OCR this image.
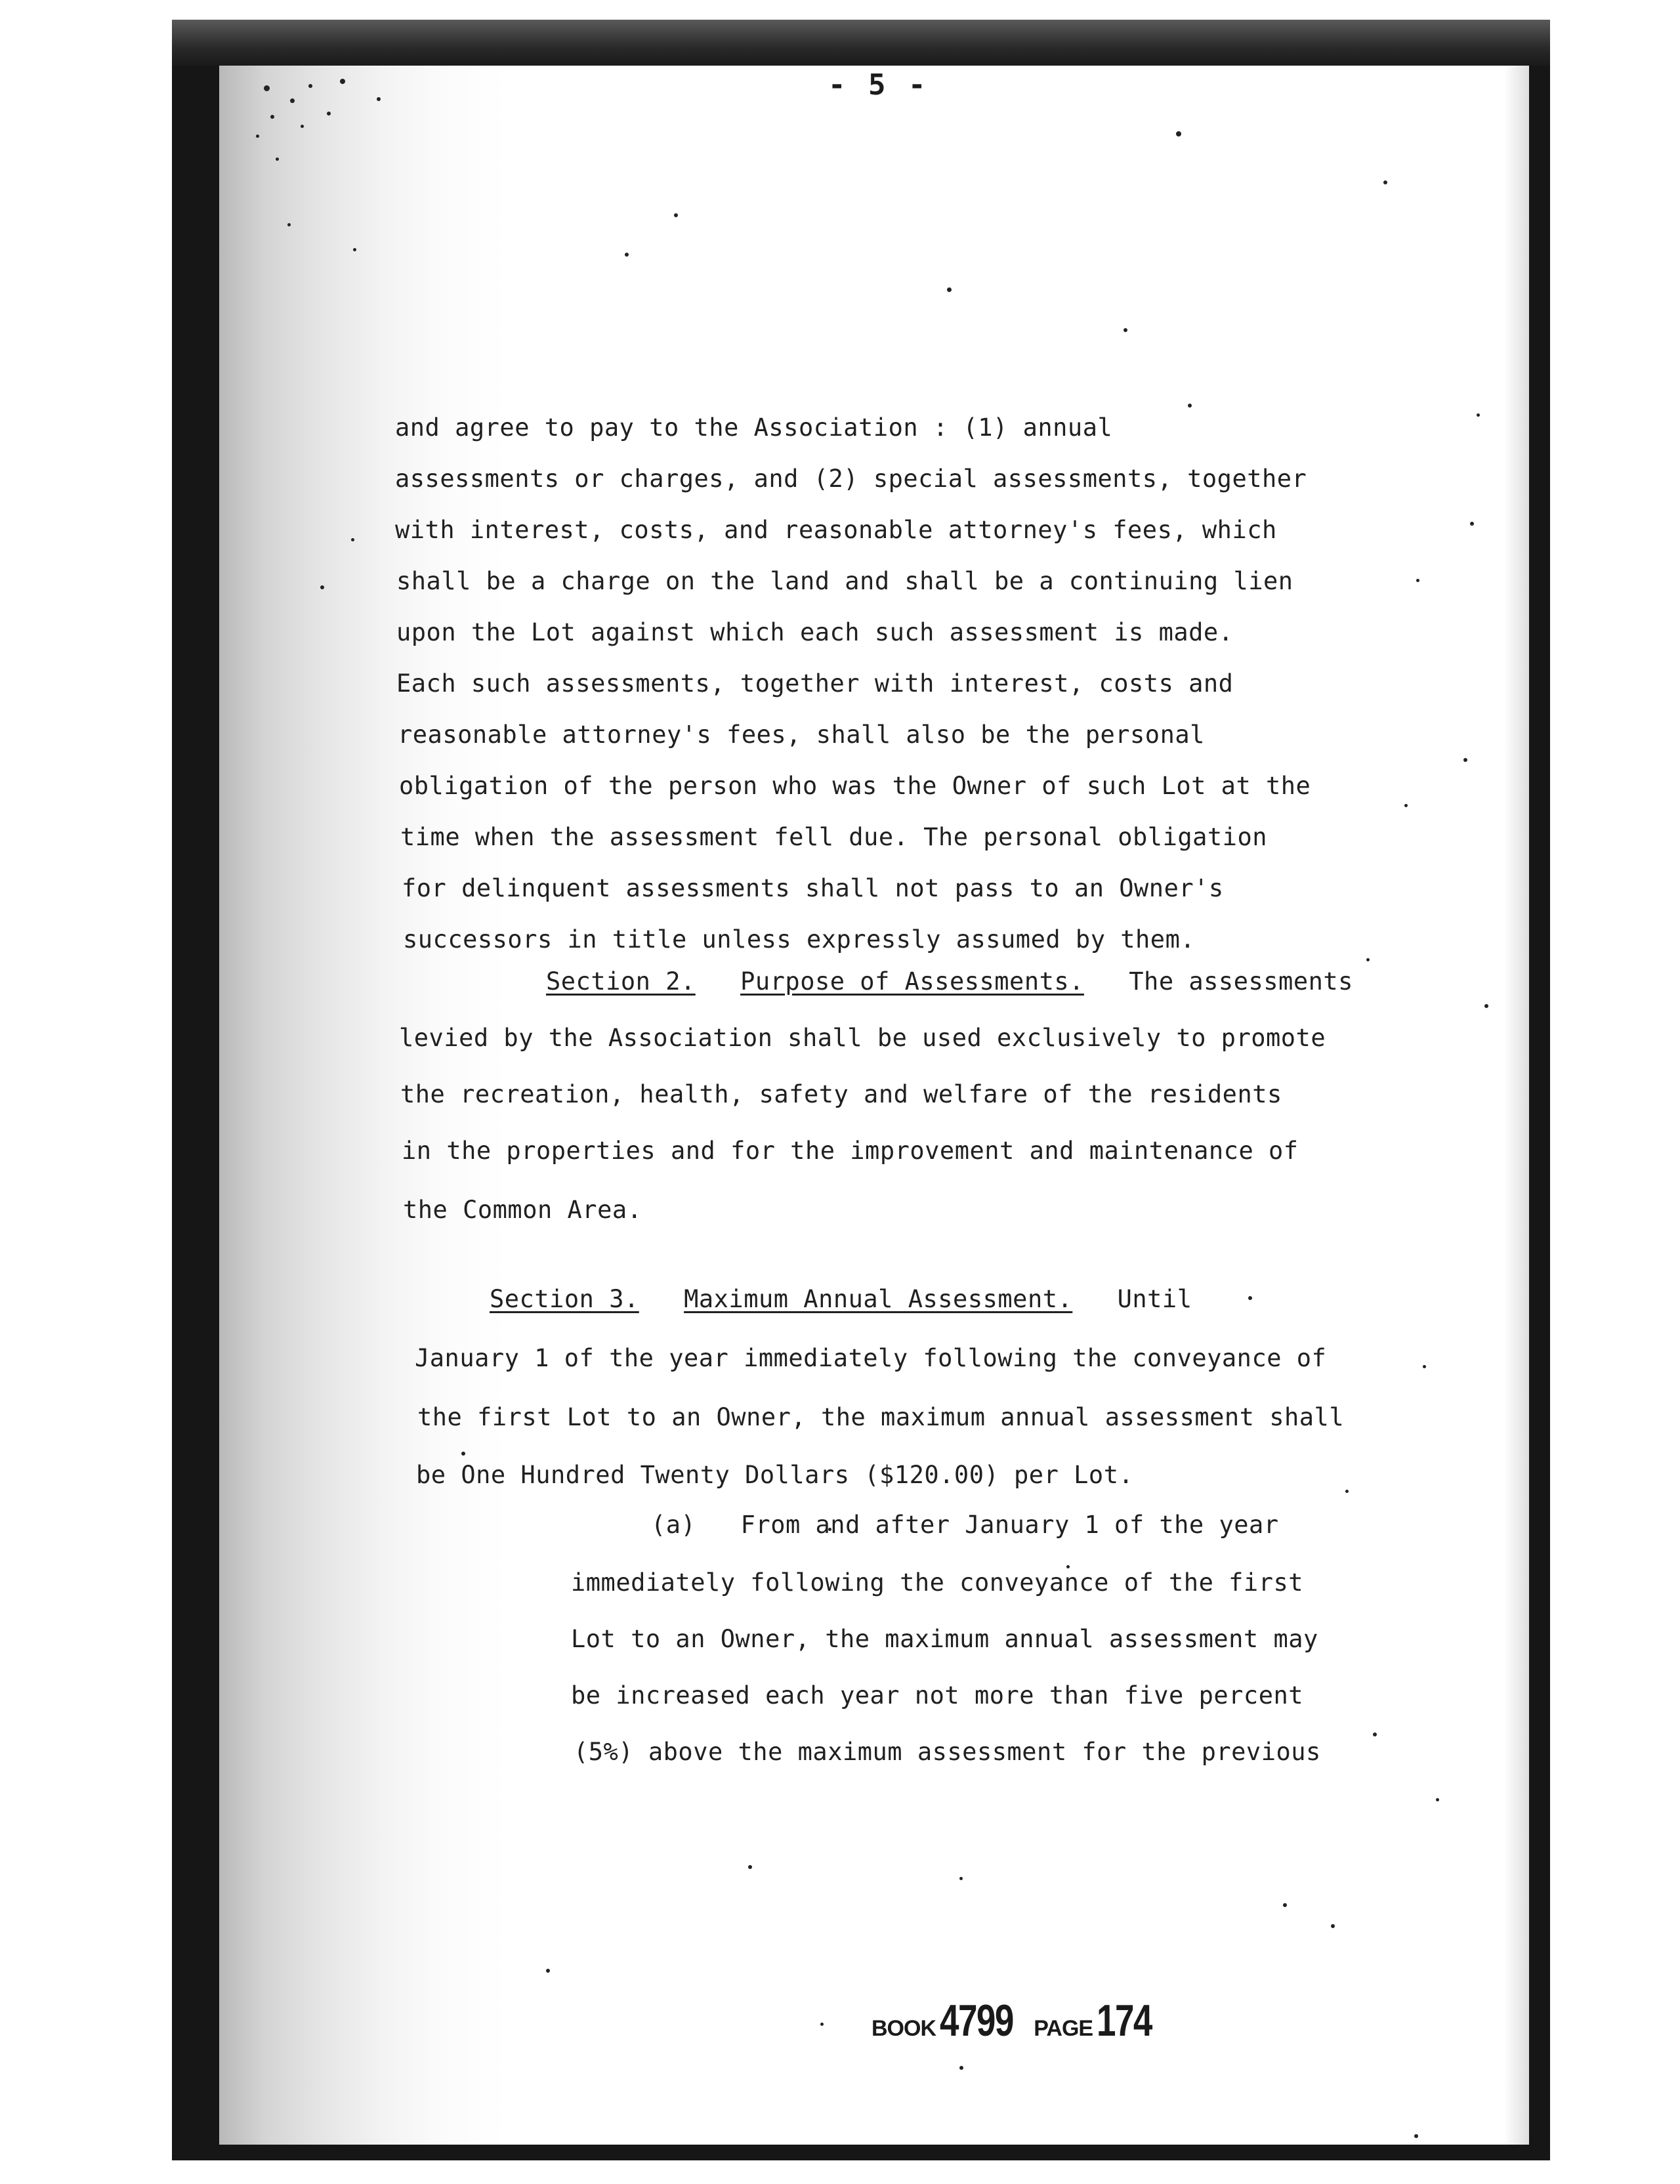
- 5 -
and agree to pay to the Association : (1) annual
assessments or charges, and (2) special assessments, together
with interest, costs, and reasonable attorney's fees, which
shall be a charge on the land and shall be a continuing lien
upon the Lot against which each such assessment is made.
Each such assessments, together with interest, costs and
reasonable attorney's fees, shall also be the personal
obligation of the person who was the Owner of such Lot at the
time when the assessment fell due. The personal obligation
for delinquent assessments shall not pass to an Owner's
successors in title unless expressly assumed by them.
Section 2. Purpose of Assessments. The assessments
levied by the Association shall be used exclusively to promote
the recreation, health, safety and welfare of the residents
in the properties and for the improvement and maintenance of
the Common Area.
Section 3. Maximum Annual Assessment. Until
January 1 of the year immediately following the conveyance of
the first Lot to an Owner, the maximum annual assessment shall
be One Hundred Twenty Dollars ($120.00) per Lot.
(a) From and after January 1 of the year
immediately following the conveyance of the first
Lot to an Owner, the maximum annual assessment may
be increased each year not more than five percent
(5%) above the maximum assessment for the previous
BOOK4799 PAGE174
